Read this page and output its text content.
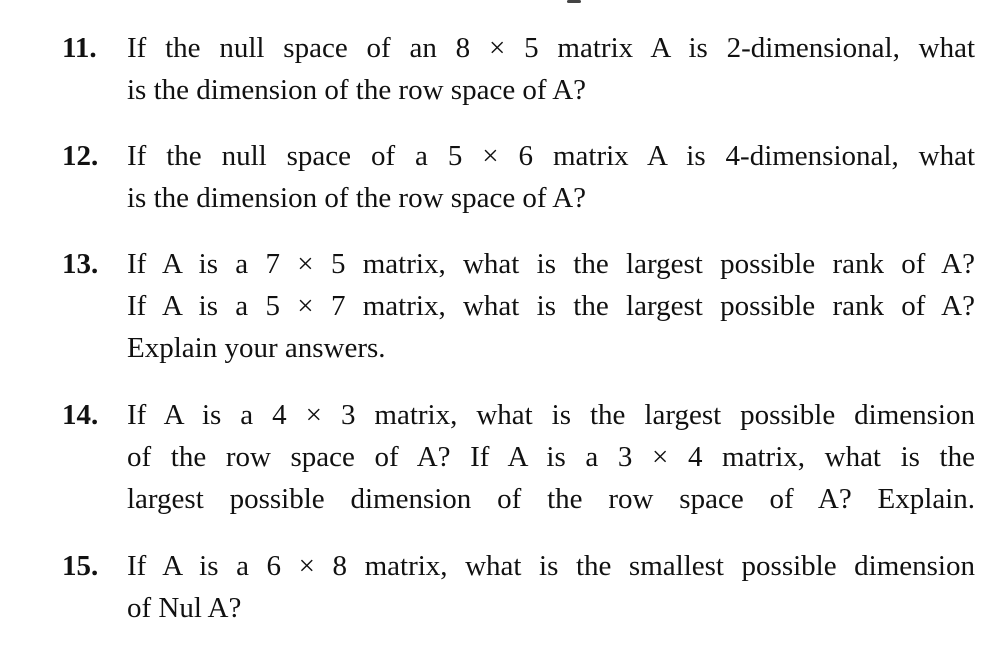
11. If the null space of an 8 × 5 matrix A is 2-dimensional, what
is the dimension of the row space of A?
12. If the null space of a 5 × 6 matrix A is 4-dimensional, what
is the dimension of the row space of A?
13. If A is a 7 × 5 matrix, what is the largest possible rank of A?
If A is a 5 × 7 matrix, what is the largest possible rank of A?
Explain your answers.
14. If A is a 4 × 3 matrix, what is the largest possible dimension
of the row space of A? If A is a 3 × 4 matrix, what is the
largest possible dimension of the row space of A? Explain.
15. If A is a 6 × 8 matrix, what is the smallest possible dimension
of Nul A?
